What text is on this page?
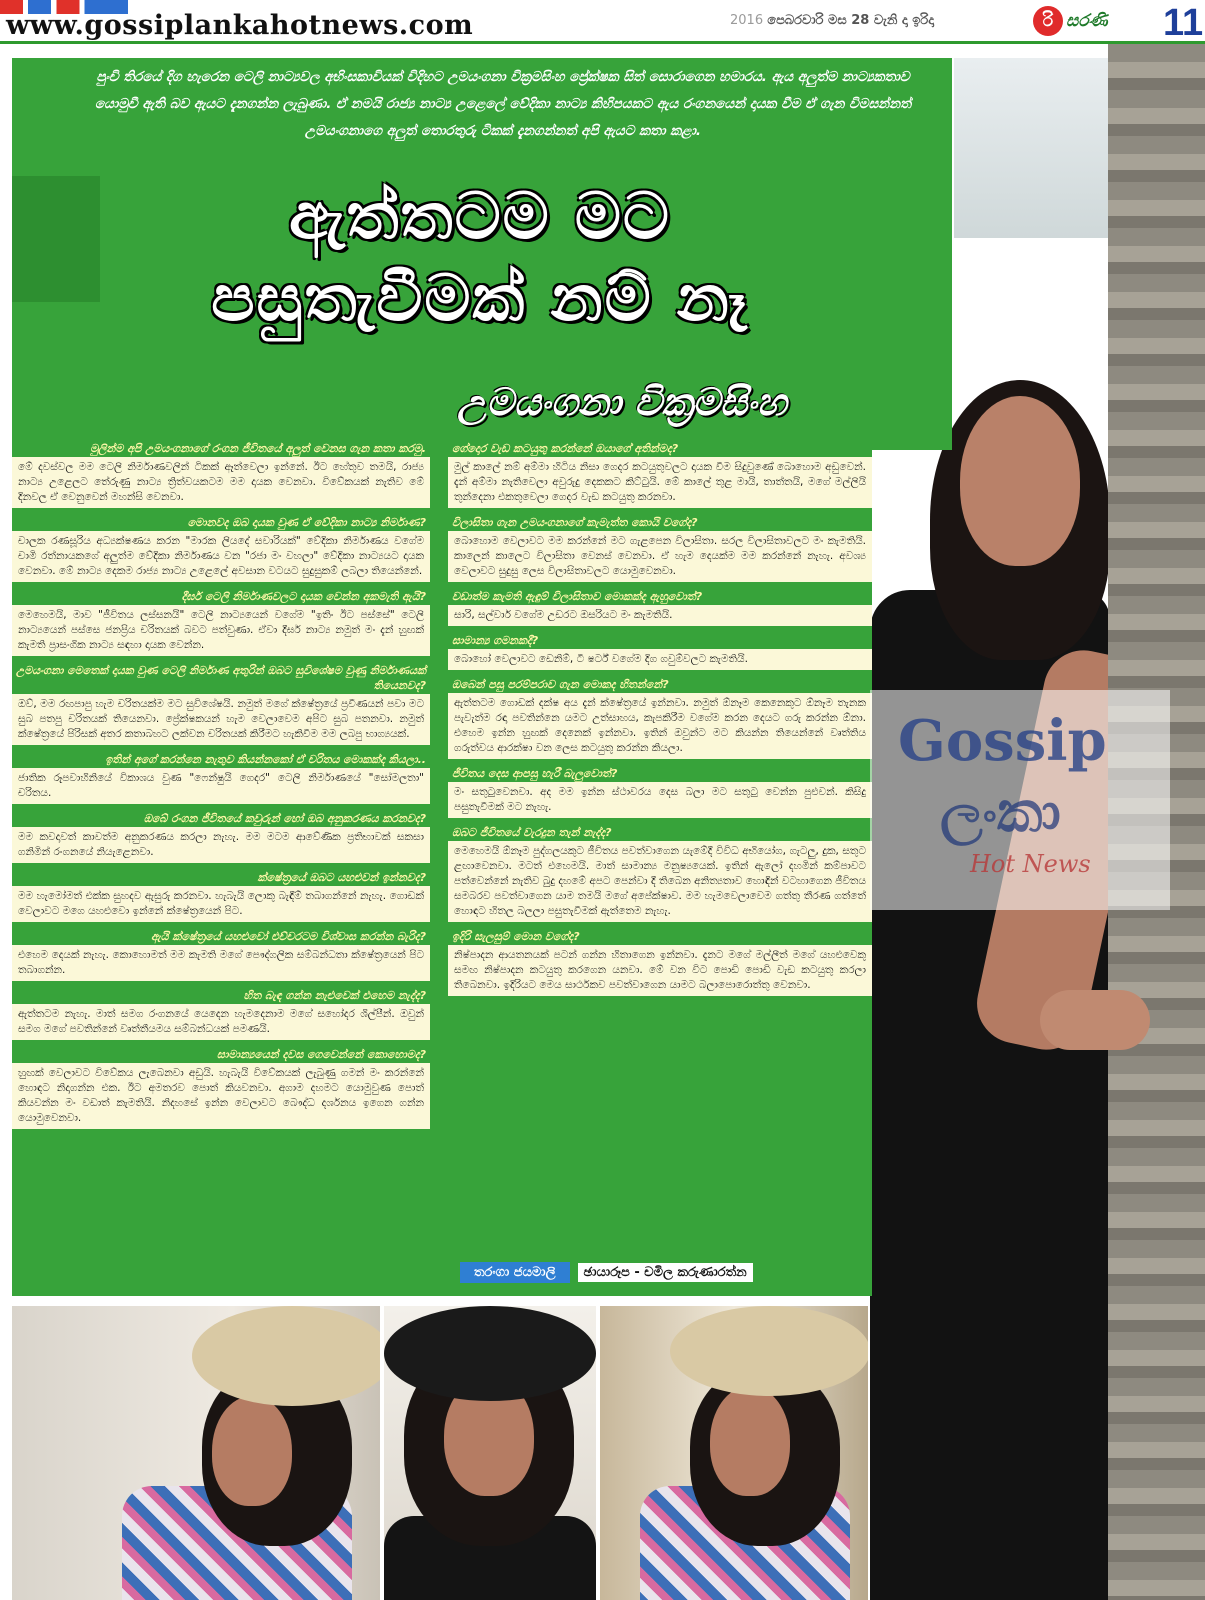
www.gossiplankahotnews.com	2016 පෙබරවාරි මස 28 වැනි දා ඉරිදා	රි සරණි 11
පුංචි තිරයේ දිග හැරෙන ටෙලි නාට්‍යවල අභිංසකාවියක් විදිහට උමයංගනා වික්‍රමසිංහ ප්‍රේක්ෂක සිත් සොරාගෙන හමාරය. ඇය අලුත්ම නාට්‍යකතාව යොමුවී ඇති බව ඇයට දැනගන්න ලැබුණා. ඒ නමයි රාජ්‍ය නාට්‍ය උළෙලේ වේදිකා නාට්‍ය කිහිපයකට ඇය රංගනයෙන් දායක වීම ඒ ගැන විමසන්නත් උමයංගනාගෙ අලුත් තොරතුරු ටිකක් දැනගන්නත් අපි ඇයට කතා කළා.
ඇත්තටම මට
පසුතැවීමක් නම් නෑ
උමයංගනා වික්‍රමසිංහ
මුලින්ම අපි උමයංගනාගේ රංගන ජීවිතයේ අලුත් වෙනස ගැන කතා කරමු.
මේ දවස්වල මම ටෙලි නිර්මාණවලින් ටිකක් ඈත්වෙලා ඉන්නේ. ඊට හේතුව තමයි, රාජ්‍ය නාට්‍ය උළෙලට තේරුණු නාට්‍ය ත්‍රිත්වයකටම මම දායක වෙනවා. විවේකයක් නැතිව මේ දිනවල ඒ වෙනුවෙන් මහන්සි වෙනවා.
මොනවද ඔබ දායක වුණ ඒ වේදිකා නාට්‍ය නිර්මාණ?
චාලක රණසූරිය අධ්‍යක්ෂණය කරන "මාරක ලියදේ සවාරියක්" වේදිකා නිර්මාණය වගේම චාමි රත්නායකගේ අලුත්ම වේදිකා නිර්මාණය වන "රජා මං වහලා" වේදිකා නාට්‍යයට දායක වෙනවා. මේ නාට්‍ය දෙකම රාජ්‍ය නාට්‍ය උළෙලේ අවසාන වටයට සුදුසුකම් ලබලා තියෙන්නේ.
දීර්ඝ ටෙලි නිර්මාණවලට දායක වෙන්න අකමැති ඇයි?
මෙහෙමයි, මාව "ජීවිතය ලස්සනයි" ටෙලි නාට්‍යයෙන් වගේම "ඉතිං ඊට පස්සේ" ටෙලි නාට්‍යයෙන් පස්සෙ ජනප්‍රිය චරිතයක් බවට පත්වුණා. ඒවා දීර්ඝ නාට්‍ය නමුත් මං දැන් හුඟක් කැමති ප්‍රාසංගික නාට්‍ය සඳහා දායක වෙන්න.
උමයංගනා මෙතෙක් දායක වුණ ටෙලි නිර්මාණ අතුරින් ඔබට සුවිශේෂම වුණු නිර්මාණයක් තියෙනවද?
ඔව්, මම රඟපාපු හැම චරිතයක්ම මට සුවිශේෂයි. නමුත් මගේ ක්ෂේත්‍රයේ ප්‍රවීණයන් පවා මට සුබ පතපු චරිතයක් තියෙනවා. ප්‍රේක්ෂකයන් හැම වෙලාවෙම අපිට සුබ පතනවා. නමුත් ක්ෂේත්‍රයේ පිරිසක් අතර කතාබහට ලක්වන චරිතයක් කිරීමට හැකිවීම මම ලබපු භාග්‍යයක්.
ඉතින් අගේ කරන්නෙ නැතුව කියන්නකෝ ඒ චරිතය මොකක්ද කියලා..
ජාතික රූපවාහිනියේ විකාශය වුණ "ෆෙන්ෂුයි ගෙදර" ටෙලි නිර්මාණයේ "සෝමලතා" චරිතය.
ඔබේ රංගන ජීවිතයේ කවුරුන් හෝ ඔබ අනුකරණය කරනවද?
මම කවදාවත් කාවත්ම අනුකරණය කරලා නැහැ. මම මටම ආවේණික ප්‍රතිභාවක් සකසා ගනිමින් රංගනයේ නියැළෙනවා.
ක්ෂේත්‍රයේ ඔබට යහළුවන් ඉන්නවද?
මම හැමෝමත් එක්ක සුහදව ඇසුරු කරනවා. හැබැයි ලොකු බැඳීම් තබාගන්නේ නැහැ. ගොඩක් වෙලාවට මගෙ යහළුවො ඉන්නේ ක්ෂේත්‍රයෙන් පිට.
ඇයි ක්ෂේත්‍රයේ යහළුවෝ එච්චරටම විශ්වාස කරන්න බැරිද?
එහෙම දෙයක් නැහැ. කොහොමත් මම කැමති මගේ පෞද්ගලික සම්බන්ධතා ක්ෂේත්‍රයෙන් පිට තබාගන්න.
හිත බැඳ ගන්න නැළුවෙක් එහෙම නැද්ද?
ඇත්තටම නැහැ. මාත් සමග රංගනයේ යෙදෙන හැමදෙනාම මගේ සහෝදර ශිල්පීන්. ඔවුන් සමග මගේ පවතින්නේ වෘත්තීයමය සම්බන්ධයක් පමණයි.
සාමාන්‍යයෙන් දවස ගෙවෙන්නේ කොහොමද?
හුඟක් වෙලාවට විවේකය ලැබෙනවා අඩුයි. හැබැයි විවේකයක් ලැබුණු ගමන් මං කරන්නේ හොඳට නිදාගන්න එක. ඊට අමතරව පොත් කියවනවා. අගාම දහමට යොමුවුණ පොත් කියවන්න මං වඩාත් කැමතියි. නිදහසේ ඉන්න වෙලාවට බෞද්ධ දර්ශනය ඉගෙන ගන්න යොමුවෙනවා.
ගේදොර වැඩ කටයුතු කරන්නේ ඔයාගේ අතින්මද?
මුල් කාලේ නම් අම්මා හිටිය නිසා ගෙදර කටයුතුවලට දායක වීම සිදුවුණේ බොහොම අඩුවෙන්. දැන් අම්මා නැතිවෙලා අවුරුදු දෙකකට කිට්ටුයි. මේ කාලේ තුළ මායි, තාත්තයි, මගේ මල්ලියි තුන්දෙනා එකතුවෙලා ගෙදර වැඩ කටයුතු කරනවා.
විලාසිතා ගැන උමයංගනාගේ කැමැත්ත කොයි වගේද?
බොහොම වෙලාවට මම කරන්නේ මට ගැළපෙන විලාසිතා. සරල විලාසිතාවලට මං කැමතියි. කාලෙන් කාලෙට විලාසිතා වෙනස් වෙනවා. ඒ හැම දෙයක්ම මම කරන්නේ නැහැ. අවශ්‍ය වෙලාවට සුදුසු ලෙස විලාසිතාවලට යොමුවෙනවා.
වඩාත්ම කැමති ඇඳුම් විලාසිතාව මොකක්ද ඇහුවොත්?
සාරි, සල්වාර් වගේම උඩරට ඔසරියට මං කැමතියි.
සාමාන්‍ය ගමනකදී?
බොහෝ වෙලාවට ඩෙනිම්, ටී ෂර්ට් වගේම දිග ගවුම්වලට කැමතියි.
ඔබෙන් පසු පරම්පරාව ගැන මොකද හිතන්නේ?
ඇත්තටම ගොඩක් දක්ෂ අය දැන් ක්ෂේත්‍රයේ ඉන්නවා. නමුත් ඕනෑම කෙනෙකුට ඕනෑම තැනක පැවැත්ම රඳා පවතින්නෙ යමට උත්සාහය, කැපකිරීම වගේම කරන දෙයට ගරු කරන්න ඕනා. එහෙම ඉන්න හුඟක් දෙනෙක් ඉන්නවා. ඉතින් ඔවුන්ට මට කියන්න තියෙන්නේ වෘත්තිය ගරුත්වය ආරක්ෂා වන ලෙස කටයුතු කරන්න කියලා.
ජීවිතය දෙස ආපසු හැරී බැලුවොත්?
මං සතුටුවෙනවා. අද මම ඉන්න ස්ථාවරය දෙස බලා මට සතුටු වෙන්න පුළුවන්. කිසිදු පසුතැවීමක් මට නැහැ.
ඔබට ජීවිතයේ වැරදුන තැන් නැද්ද?
මෙහෙමයි ඕනෑම පුද්ගලයකුට ජීවිතය පවත්වාගෙන යැමේදී විවිධ අභියෝග, ගැටලු, දුක, සතුට ළඟාවෙනවා. මටත් එහෙමයි. මාත් සාමාන්‍ය මනුෂ්‍යයෙක්. ඉතින් ඇලෝ දහමින් කම්පාවට පත්වෙන්නේ නැතිව බුදු දහමේ අපට පෙන්වා දී තිබෙන අනිත්‍යතාව හොඳින් වටහාගෙන ජීවිතය සමබරව පවත්වාගෙන යාම තමයි මගේ අපේක්ෂාව. මම හැමවෙලාවෙම ගත්තු තීරණ ගත්තේ හොඳට හිතල බලලා පසුතැවීමක් ඇත්තෙම නැහැ.
ඉදිරි සැලසුම් මොන වගේද?
නිෂ්පාදන ආයතනයක් පටන් ගන්න හිතාගෙන ඉන්නවා. දැනට මගේ මල්ලීත් මගේ යහළුවෙකු සමඟ නිෂ්පාදන කටයුතු කරගෙන යනවා. මේ වන විට පොඩි පොඩි වැඩ කටයුතු කරලා තිබෙනවා. ඉදිරියට මෙය සාර්ථකව පවත්වාගෙන යාමට බලාපොරොත්තු වෙනවා.
තරංගා ජයමාලි	ඡායාරූප - චමිල කරුණාරත්න
Gossip
ලංකා
Hot News
